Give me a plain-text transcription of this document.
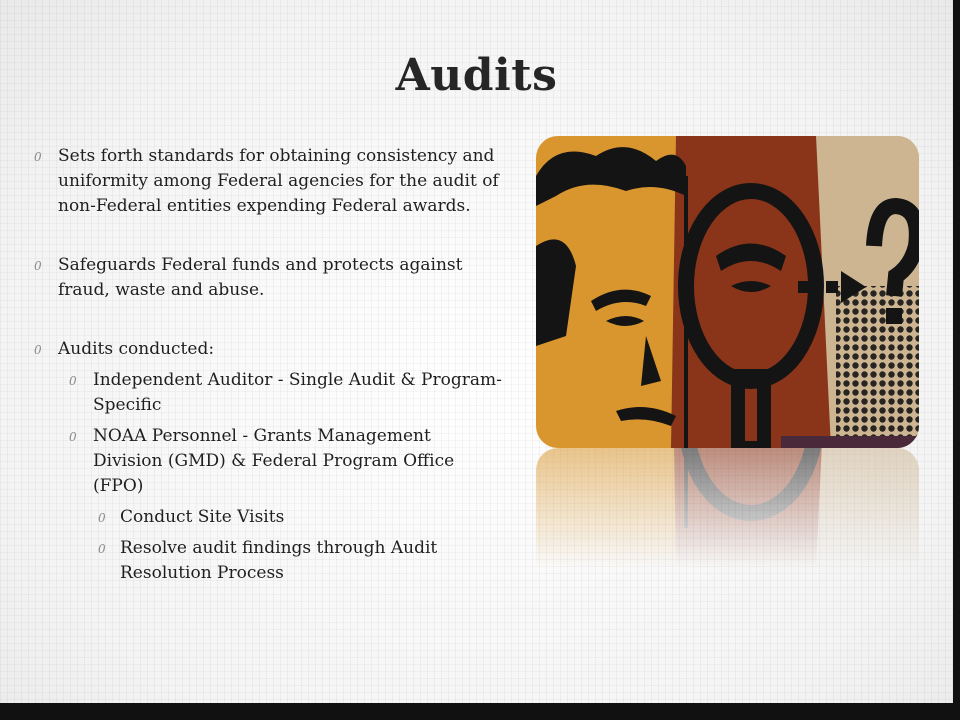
Audits
0 Sets forth standards for obtaining consistency and uniformity among Federal agencies for the audit of non-Federal entities expending Federal awards.
0 Safeguards Federal funds and protects against fraud, waste and abuse.
0 Audits conducted:
0 Independent Auditor - Single Audit & Program-Specific
0 NOAA Personnel - Grants Management Division (GMD) & Federal Program Office (FPO)
0 Conduct Site Visits
0 Resolve audit findings through Audit Resolution Process
